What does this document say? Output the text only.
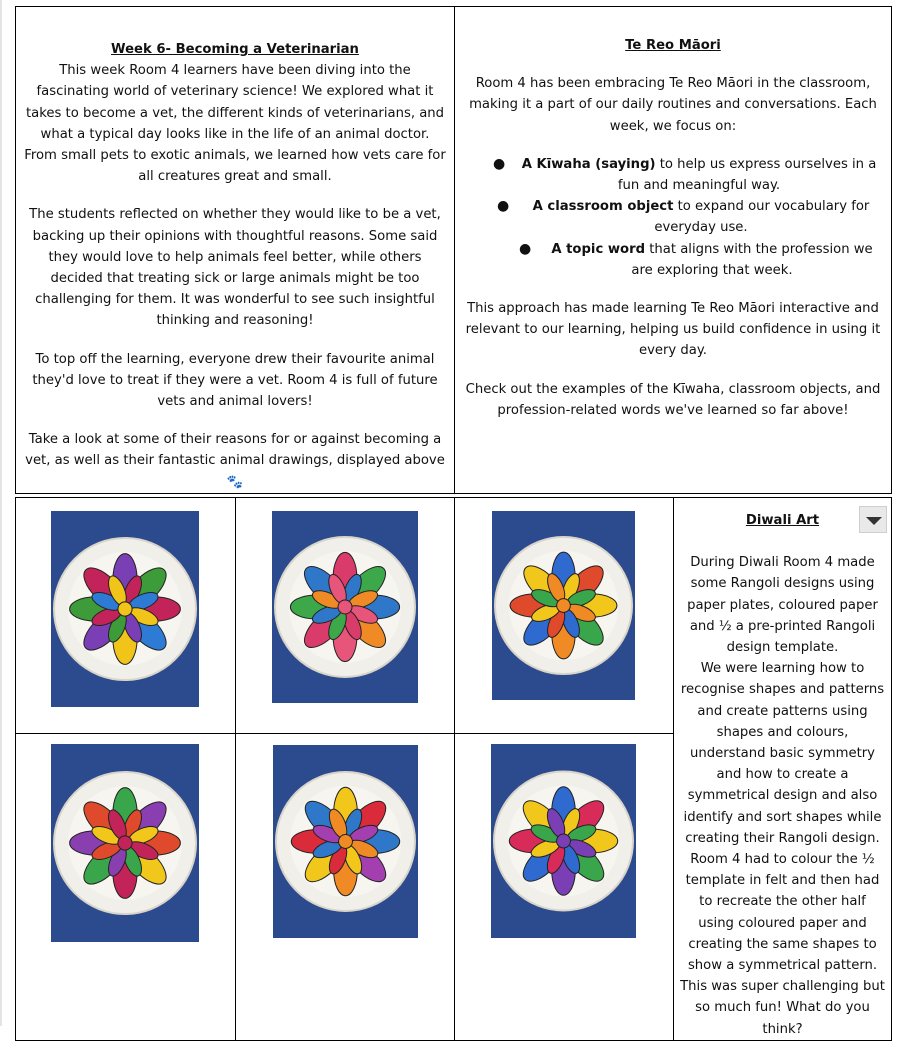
Week 6- Becoming a Veterinarian

This week Room 4 learners have been diving into the fascinating world of veterinary science! We explored what it takes to become a vet, the different kinds of veterinarians, and what a typical day looks like in the life of an animal doctor. From small pets to exotic animals, we learned how vets care for all creatures great and small.

The students reflected on whether they would like to be a vet, backing up their opinions with thoughtful reasons. Some said they would love to help animals feel better, while others decided that treating sick or large animals might be too challenging for them. It was wonderful to see such insightful thinking and reasoning!

To top off the learning, everyone drew their favourite animal they'd love to treat if they were a vet. Room 4 is full of future vets and animal lovers!

Take a look at some of their reasons for or against becoming a vet, as well as their fantastic animal drawings, displayed above 🐾

Te Reo Māori

Room 4 has been embracing Te Reo Māori in the classroom, making it a part of our daily routines and conversations. Each week, we focus on:

● A Kīwaha (saying) to help us express ourselves in a fun and meaningful way.
● A classroom object to expand our vocabulary for everyday use.
● A topic word that aligns with the profession we are exploring that week.

This approach has made learning Te Reo Māori interactive and relevant to our learning, helping us build confidence in using it every day.

Check out the examples of the Kīwaha, classroom objects, and profession-related words we've learned so far above!

Diwali Art

During Diwali Room 4 made some Rangoli designs using paper plates, coloured paper and ½ a pre-printed Rangoli design template.

We were learning how to recognise shapes and patterns and create patterns using shapes and colours, understand basic symmetry and how to create a symmetrical design and also identify and sort shapes while creating their Rangoli design. Room 4 had to colour the ½ template in felt and then had to recreate the other half using coloured paper and creating the same shapes to show a symmetrical pattern. This was super challenging but so much fun! What do you think?
